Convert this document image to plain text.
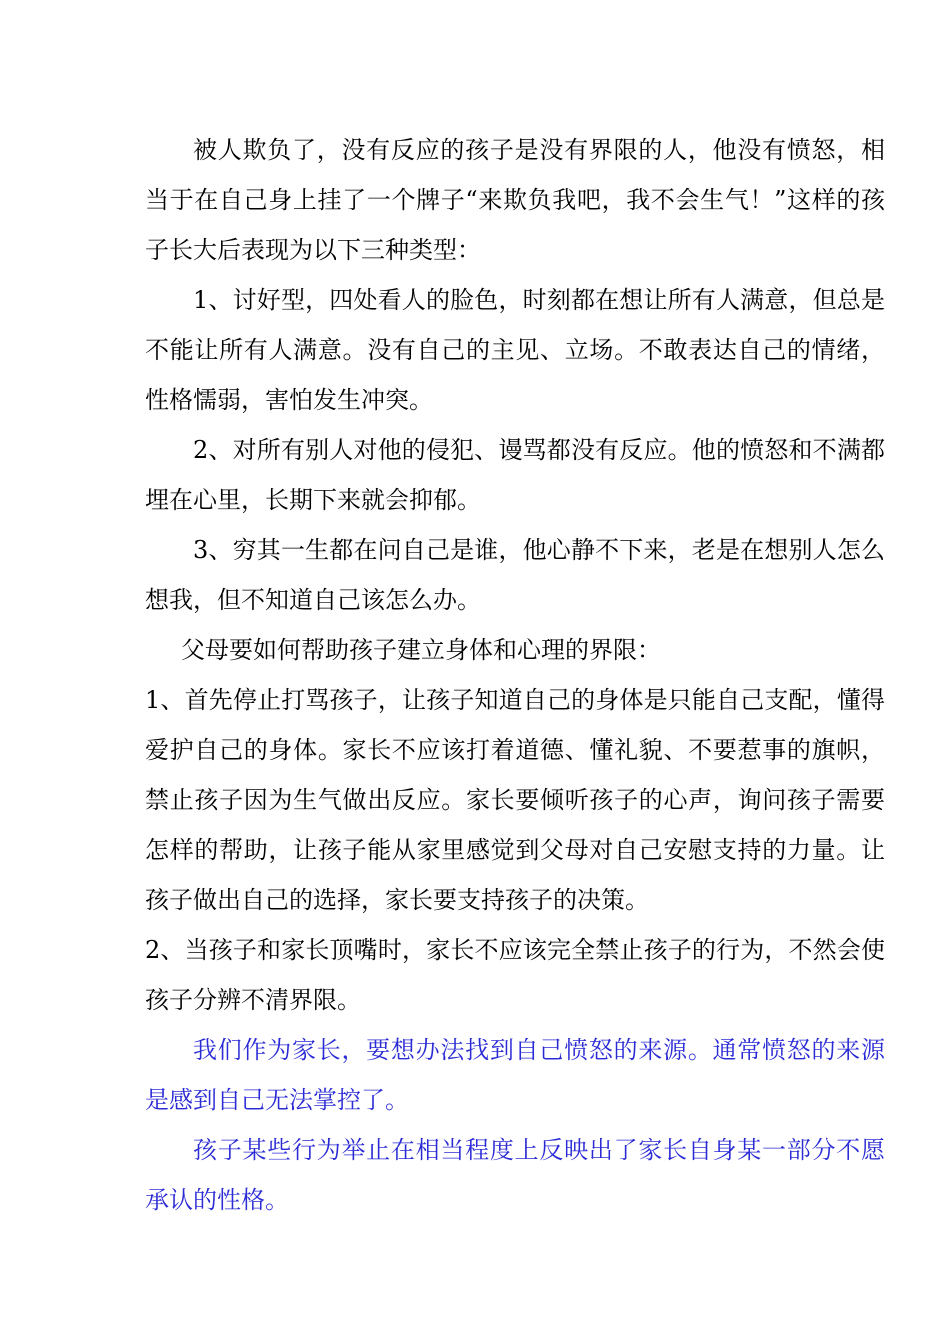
被人欺负了，没有反应的孩子是没有界限的人，他没有愤怒，相当于在自己身上挂了一个牌子“来欺负我吧，我不会生气！”这样的孩子长大后表现为以下三种类型：

1、讨好型，四处看人的脸色，时刻都在想让所有人满意，但总是不能让所有人满意。没有自己的主见、立场。不敢表达自己的情绪，性格懦弱，害怕发生冲突。

2、对所有别人对他的侵犯、谩骂都没有反应。他的愤怒和不满都埋在心里，长期下来就会抑郁。

3、穷其一生都在问自己是谁，他心静不下来，老是在想别人怎么想我，但不知道自己该怎么办。

父母要如何帮助孩子建立身体和心理的界限：

1、首先停止打骂孩子，让孩子知道自己的身体是只能自己支配，懂得爱护自己的身体。家长不应该打着道德、懂礼貌、不要惹事的旗帜，禁止孩子因为生气做出反应。家长要倾听孩子的心声，询问孩子需要怎样的帮助，让孩子能从家里感觉到父母对自己安慰支持的力量。让孩子做出自己的选择，家长要支持孩子的决策。

2、当孩子和家长顶嘴时，家长不应该完全禁止孩子的行为，不然会使孩子分辨不清界限。

我们作为家长，要想办法找到自己愤怒的来源。通常愤怒的来源是感到自己无法掌控了。

孩子某些行为举止在相当程度上反映出了家长自身某一部分不愿承认的性格。
